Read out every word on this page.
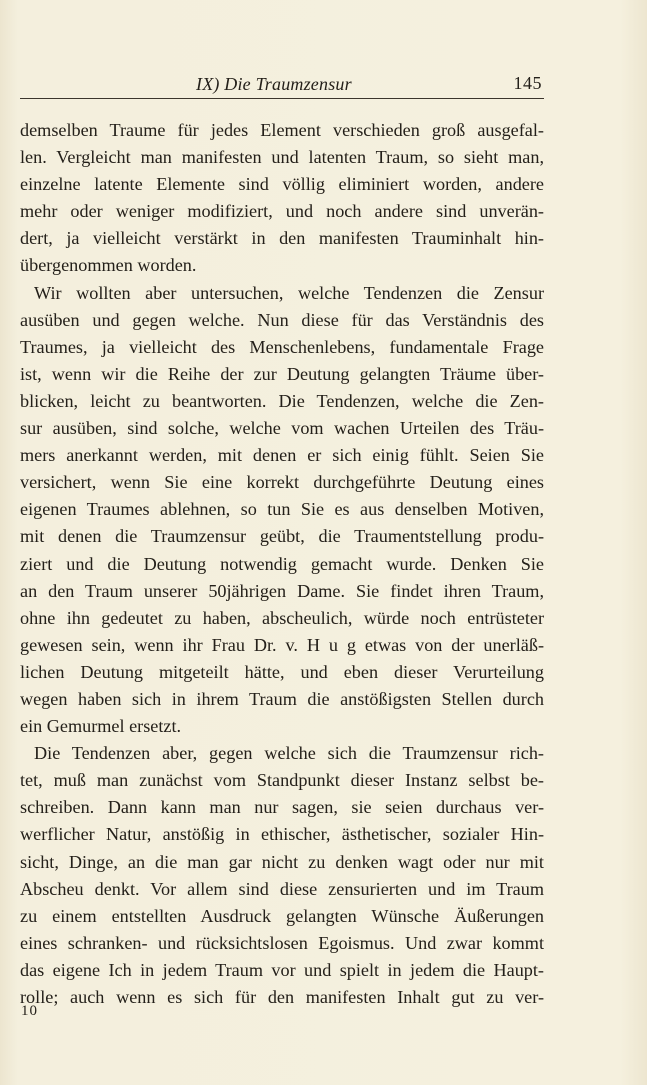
IX) Die Traumzensur	145
demselben Traume für jedes Element verschieden groß ausgefal-
len. Vergleicht man manifesten und latenten Traum, so sieht man,
einzelne latente Elemente sind völlig eliminiert worden, andere
mehr oder weniger modifiziert, und noch andere sind unverän-
dert, ja vielleicht verstärkt in den manifesten Trauminhalt hin-
übergenommen worden.
Wir wollten aber untersuchen, welche Tendenzen die Zensur
ausüben und gegen welche. Nun diese für das Verständnis des
Traumes, ja vielleicht des Menschenlebens, fundamentale Frage
ist, wenn wir die Reihe der zur Deutung gelangten Träume über-
blicken, leicht zu beantworten. Die Tendenzen, welche die Zen-
sur ausüben, sind solche, welche vom wachen Urteilen des Träu-
mers anerkannt werden, mit denen er sich einig fühlt. Seien Sie
versichert, wenn Sie eine korrekt durchgeführte Deutung eines
eigenen Traumes ablehnen, so tun Sie es aus denselben Motiven,
mit denen die Traumzensur geübt, die Traumentstellung produ-
ziert und die Deutung notwendig gemacht wurde. Denken Sie
an den Traum unserer 50jährigen Dame. Sie findet ihren Traum,
ohne ihn gedeutet zu haben, abscheulich, würde noch entrüsteter
gewesen sein, wenn ihr Frau Dr. v. H u g etwas von der unerläß-
lichen Deutung mitgeteilt hätte, und eben dieser Verurteilung
wegen haben sich in ihrem Traum die anstößigsten Stellen durch
ein Gemurmel ersetzt.
Die Tendenzen aber, gegen welche sich die Traumzensur rich-
tet, muß man zunächst vom Standpunkt dieser Instanz selbst be-
schreiben. Dann kann man nur sagen, sie seien durchaus ver-
werflicher Natur, anstößig in ethischer, ästhetischer, sozialer Hin-
sicht, Dinge, an die man gar nicht zu denken wagt oder nur mit
Abscheu denkt. Vor allem sind diese zensurierten und im Traum
zu einem entstellten Ausdruck gelangten Wünsche Äußerungen
eines schranken- und rücksichtslosen Egoismus. Und zwar kommt
das eigene Ich in jedem Traum vor und spielt in jedem die Haupt-
rolle; auch wenn es sich für den manifesten Inhalt gut zu ver-
10
